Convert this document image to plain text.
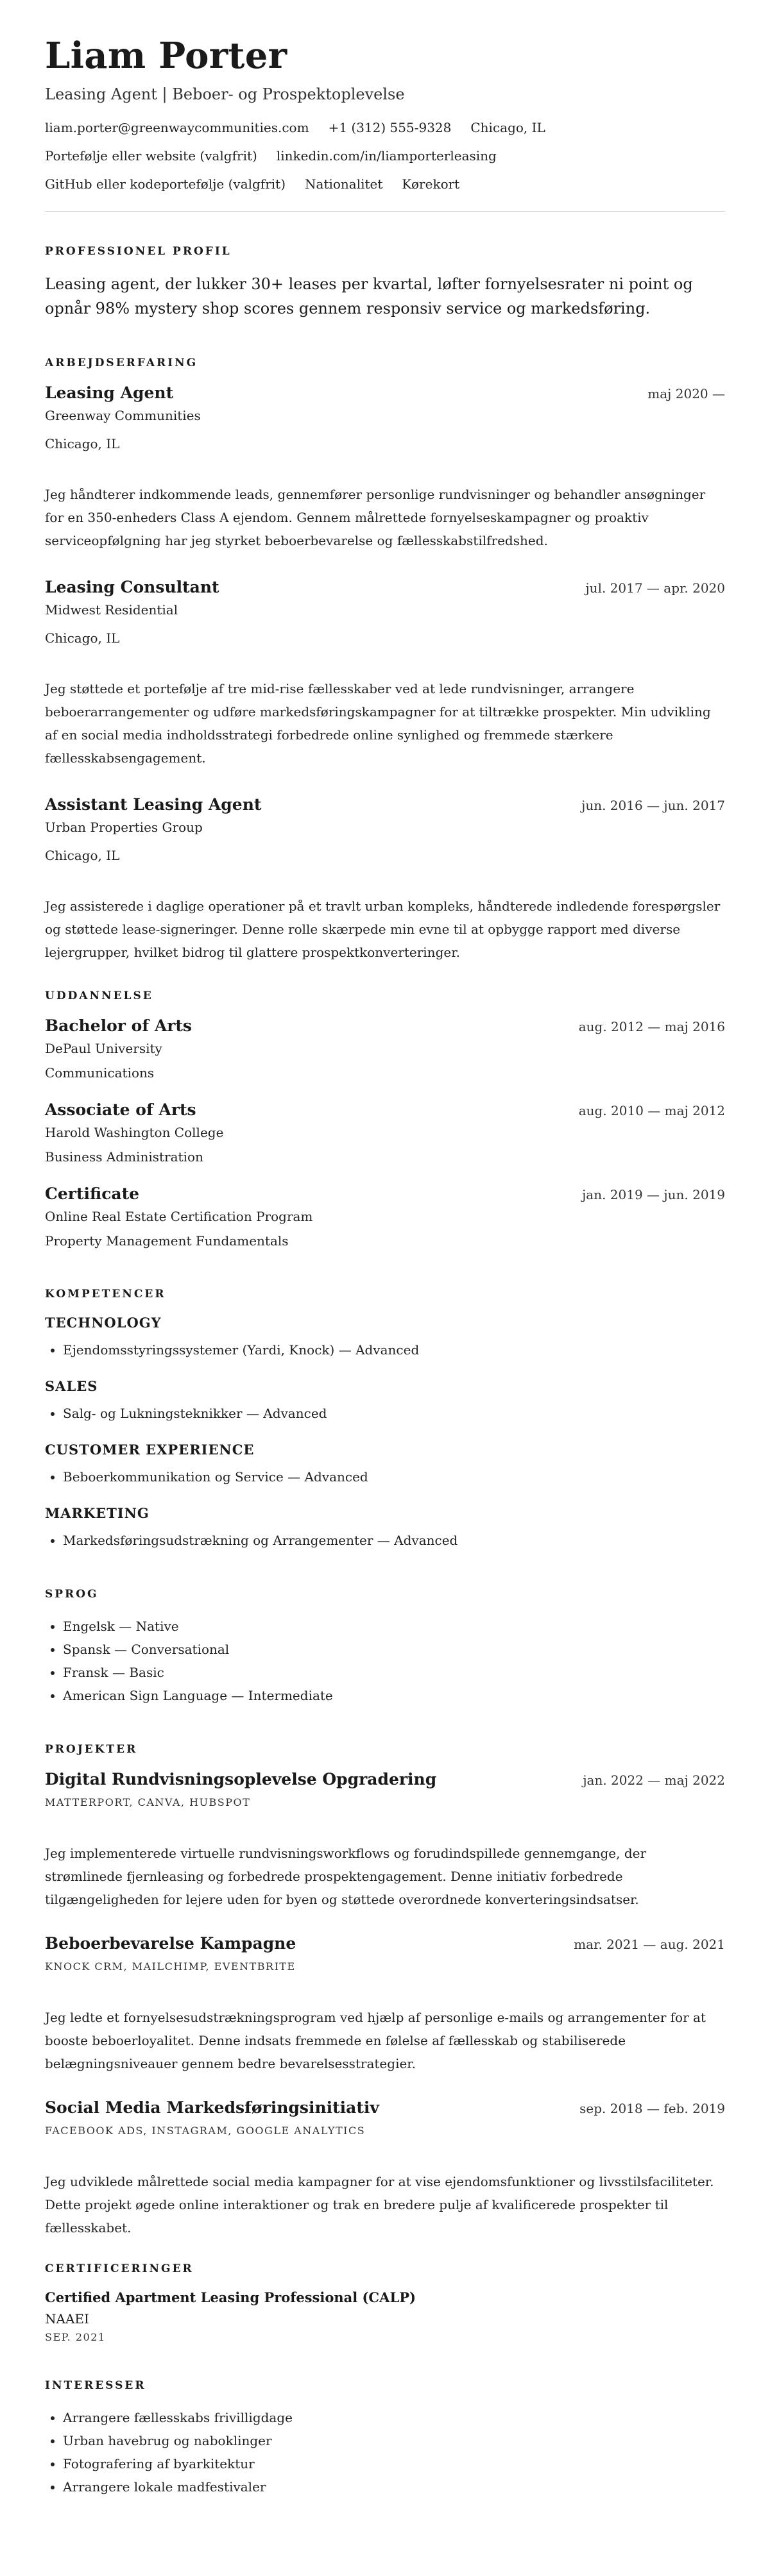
Liam Porter
Leasing Agent | Beboer- og Prospektoplevelse
liam.porter@greenwaycommunities.com +1 (312) 555-9328 Chicago, IL
Portefølje eller website (valgfrit) linkedin.com/in/liamporterleasing
GitHub eller kodeportefølje (valgfrit) Nationalitet Kørekort
PROFESSIONEL PROFIL

Leasing agent, der lukker 30+ leases per kvartal, løfter fornyelsesrater ni point og opnår 98% mystery shop scores gennem responsiv service og markedsføring.

ARBEJDSERFARING
Leasing Agent	maj 2020 —
Greenway Communities
Chicago, IL
Jeg håndterer indkommende leads, gennemfører personlige rundvisninger og behandler ansøgninger for en 350-enheders Class A ejendom. Gennem målrettede fornyelseskampagner og proaktiv serviceopfølgning har jeg styrket beboerbevarelse og fællesskabstilfredshed.
Leasing Consultant	jul. 2017 — apr. 2020
Midwest Residential
Chicago, IL
Jeg støttede et portefølje af tre mid-rise fællesskaber ved at lede rundvisninger, arrangere beboerarrangementer og udføre markedsføringskampagner for at tiltrække prospekter. Min udvikling af en social media indholdsstrategi forbedrede online synlighed og fremmede stærkere fællesskabsengagement.
Assistant Leasing Agent	jun. 2016 — jun. 2017
Urban Properties Group
Chicago, IL
Jeg assisterede i daglige operationer på et travlt urban kompleks, håndterede indledende forespørgsler og støttede lease-signeringer. Denne rolle skærpede min evne til at opbygge rapport med diverse lejergrupper, hvilket bidrog til glattere prospektkonverteringer.
UDDANNELSE
Bachelor of Arts	aug. 2012 — maj 2016
DePaul University
Communications
Associate of Arts	aug. 2010 — maj 2012
Harold Washington College
Business Administration
Certificate	jan. 2019 — jun. 2019
Online Real Estate Certification Program
Property Management Fundamentals
KOMPETENCER
TECHNOLOGY
• Ejendomsstyringssystemer (Yardi, Knock) — Advanced
SALES
• Salg- og Lukningsteknikker — Advanced
CUSTOMER EXPERIENCE
• Beboerkommunikation og Service — Advanced
MARKETING
• Markedsføringsudstrækning og Arrangementer — Advanced
SPROG
• Engelsk — Native
• Spansk — Conversational
• Fransk — Basic
• American Sign Language — Intermediate
PROJEKTER
Digital Rundvisningsoplevelse Opgradering	jan. 2022 — maj 2022
MATTERPORT, CANVA, HUBSPOT
Jeg implementerede virtuelle rundvisningsworkflows og forudindspillede gennemgange, der strømlinede fjernleasing og forbedrede prospektengagement. Denne initiativ forbedrede tilgængeligheden for lejere uden for byen og støttede overordnede konverteringsindsatser.
Beboerbevarelse Kampagne	mar. 2021 — aug. 2021
KNOCK CRM, MAILCHIMP, EVENTBRITE
Jeg ledte et fornyelsesudstrækningsprogram ved hjælp af personlige e-mails og arrangementer for at booste beboerloyalitet. Denne indsats fremmede en følelse af fællesskab og stabiliserede belægningsniveauer gennem bedre bevarelsesstrategier.
Social Media Markedsføringsinitiativ	sep. 2018 — feb. 2019
FACEBOOK ADS, INSTAGRAM, GOOGLE ANALYTICS
Jeg udviklede målrettede social media kampagner for at vise ejendomsfunktioner og livsstilsfaciliteter. Dette projekt øgede online interaktioner og trak en bredere pulje af kvalificerede prospekter til fællesskabet.
CERTIFICERINGER
Certified Apartment Leasing Professional (CALP)
NAAEI
SEP. 2021
INTERESSER
• Arrangere fællesskabs frivilligdage
• Urban havebrug og naboklinger
• Fotografering af byarkitektur
• Arrangere lokale madfestivaler
